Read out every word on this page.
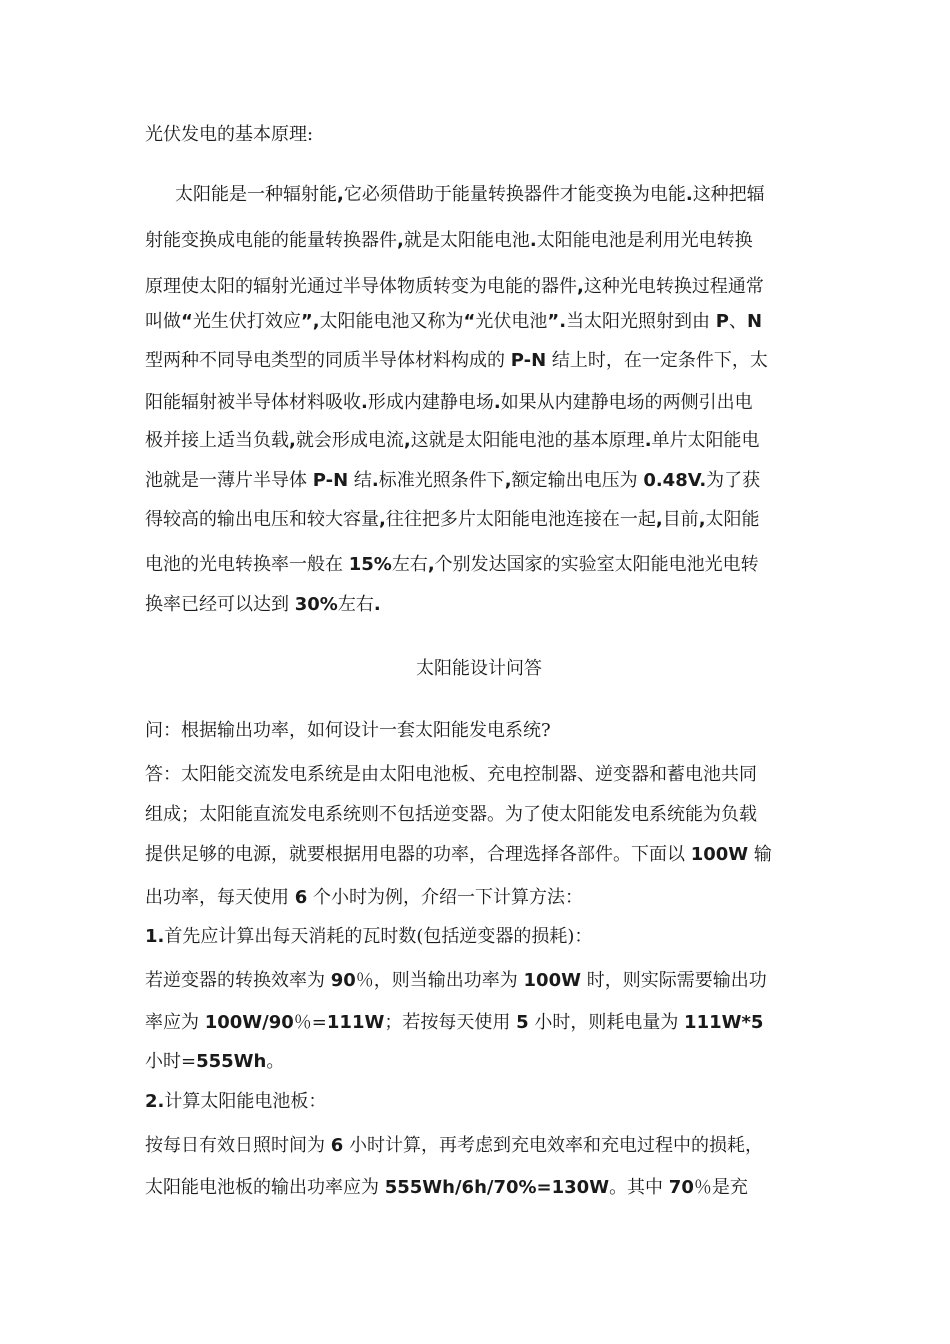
光伏发电的基本原理:
太阳能是一种辐射能,它必须借助于能量转换器件才能变换为电能.这种把辐
射能变换成电能的能量转换器件,就是太阳能电池.太阳能电池是利用光电转换
原理使太阳的辐射光通过半导体物质转变为电能的器件,这种光电转换过程通常
叫做“光生伏打效应”,太阳能电池又称为“光伏电池”.当太阳光照射到由 P、N
型两种不同导电类型的同质半导体材料构成的 P-N 结上时，在一定条件下，太
阳能辐射被半导体材料吸收.形成内建静电场.如果从内建静电场的两侧引出电
极并接上适当负载,就会形成电流,这就是太阳能电池的基本原理.单片太阳能电
池就是一薄片半导体 P-N 结.标准光照条件下,额定输出电压为 0.48V.为了获
得较高的输出电压和较大容量,往往把多片太阳能电池连接在一起,目前,太阳能
电池的光电转换率一般在 15%左右,个别发达国家的实验室太阳能电池光电转
换率已经可以达到 30%左右.
太阳能设计问答
问：根据输出功率，如何设计一套太阳能发电系统?
答：太阳能交流发电系统是由太阳电池板、充电控制器、逆变器和蓄电池共同
组成；太阳能直流发电系统则不包括逆变器。为了使太阳能发电系统能为负载
提供足够的电源，就要根据用电器的功率，合理选择各部件。下面以 100W 输
出功率，每天使用 6 个小时为例，介绍一下计算方法：
1.首先应计算出每天消耗的瓦时数(包括逆变器的损耗)：
若逆变器的转换效率为 90％，则当输出功率为 100W 时，则实际需要输出功
率应为 100W/90％=111W；若按每天使用 5 小时，则耗电量为 111W*5
小时=555Wh。
2.计算太阳能电池板：
按每日有效日照时间为 6 小时计算，再考虑到充电效率和充电过程中的损耗，
太阳能电池板的输出功率应为 555Wh/6h/70%=130W。其中 70％是充
